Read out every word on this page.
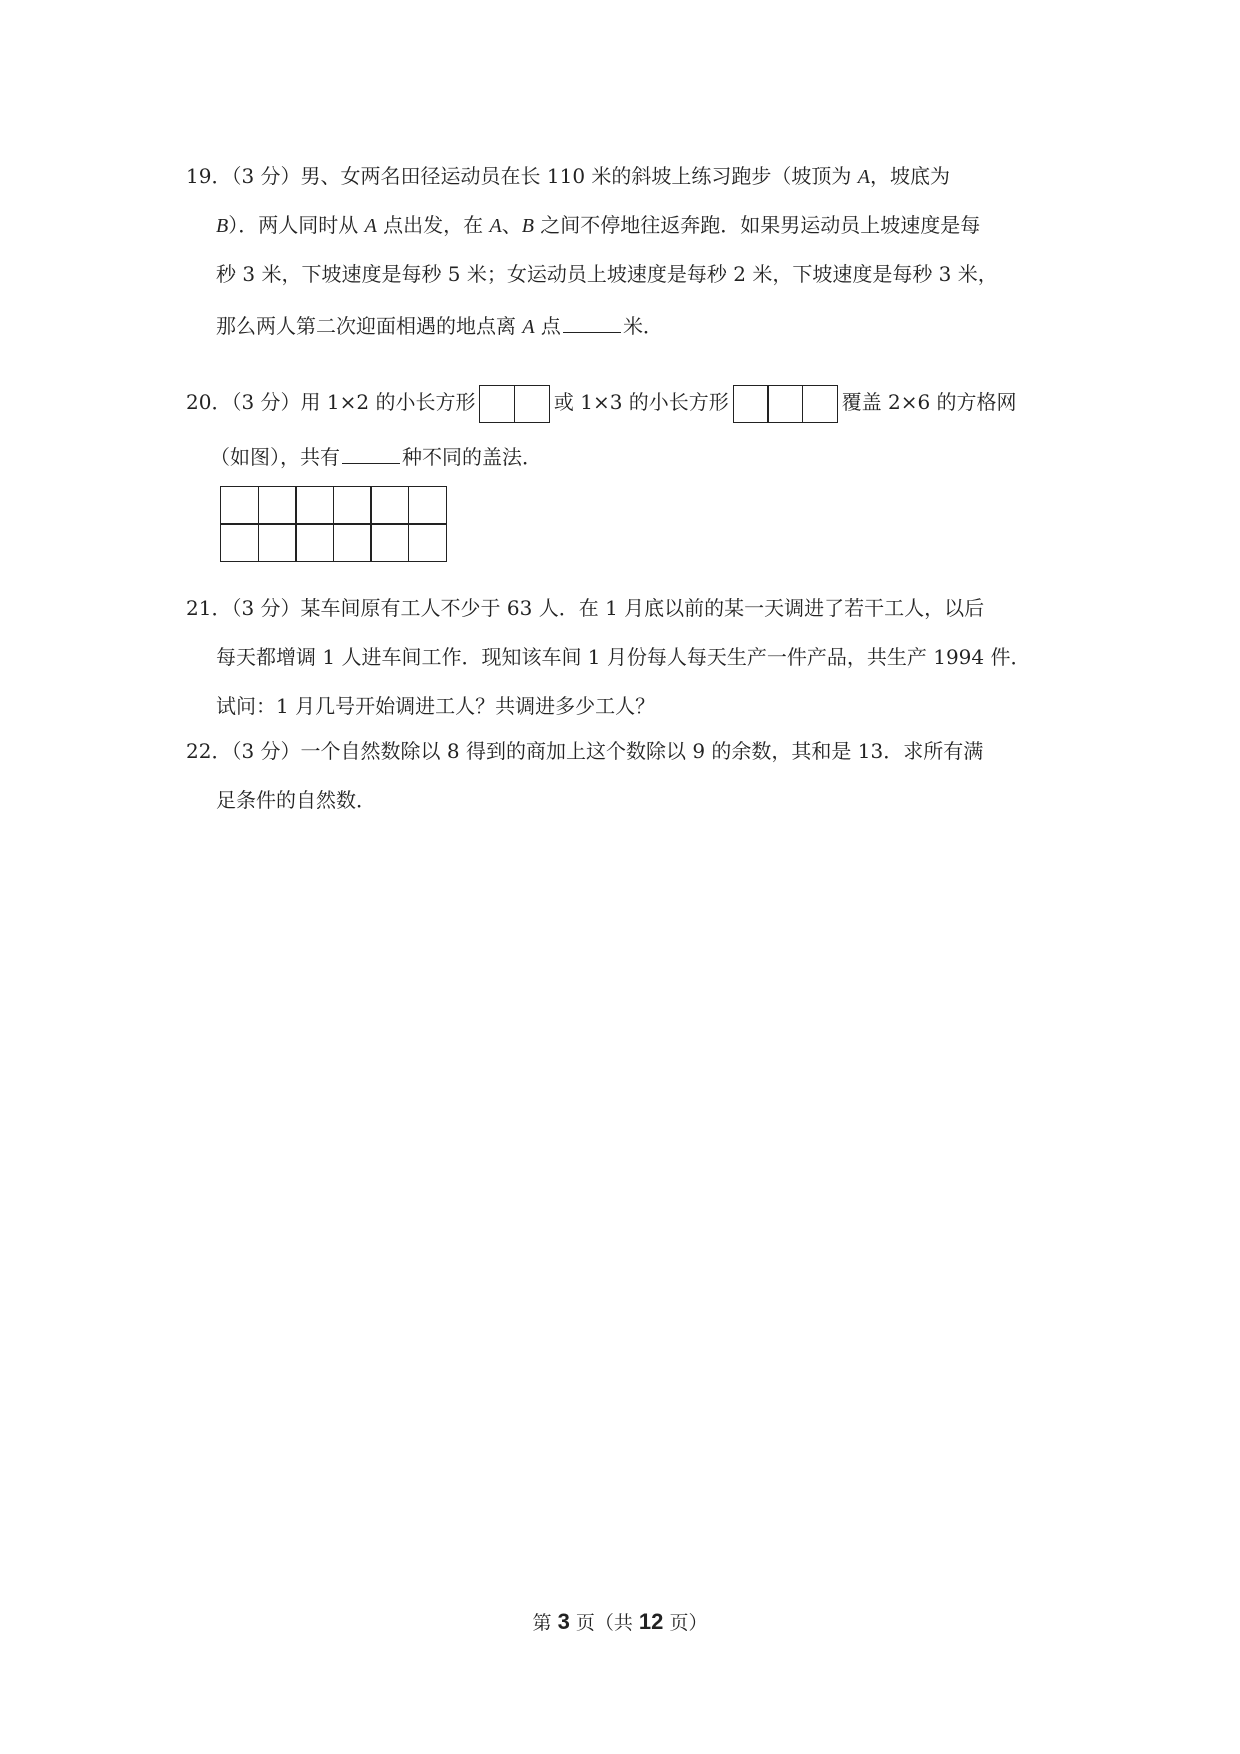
19．（3 分）男、女两名田径运动员在长 110 米的斜坡上练习跑步（坡顶为 A，坡底为
B）．两人同时从 A 点出发，在 A、B 之间不停地往返奔跑．如果男运动员上坡速度是每
秒 3 米，下坡速度是每秒 5 米；女运动员上坡速度是每秒 2 米，下坡速度是每秒 3 米，
那么两人第二次迎面相遇的地点离 A 点	米．
20．（3 分）用 1×2 的小长方形	或 1×3 的小长方形	覆盖 2×6 的方格网
（如图），共有	种不同的盖法．
21．（3 分）某车间原有工人不少于 63 人．在 1 月底以前的某一天调进了若干工人，以后
每天都增调 1 人进车间工作．现知该车间 1 月份每人每天生产一件产品，共生产 1994 件．
试问：1 月几号开始调进工人？共调进多少工人？
22．（3 分）一个自然数除以 8 得到的商加上这个数除以 9 的余数，其和是 13．求所有满
足条件的自然数．
第 3 页（共 12 页）
